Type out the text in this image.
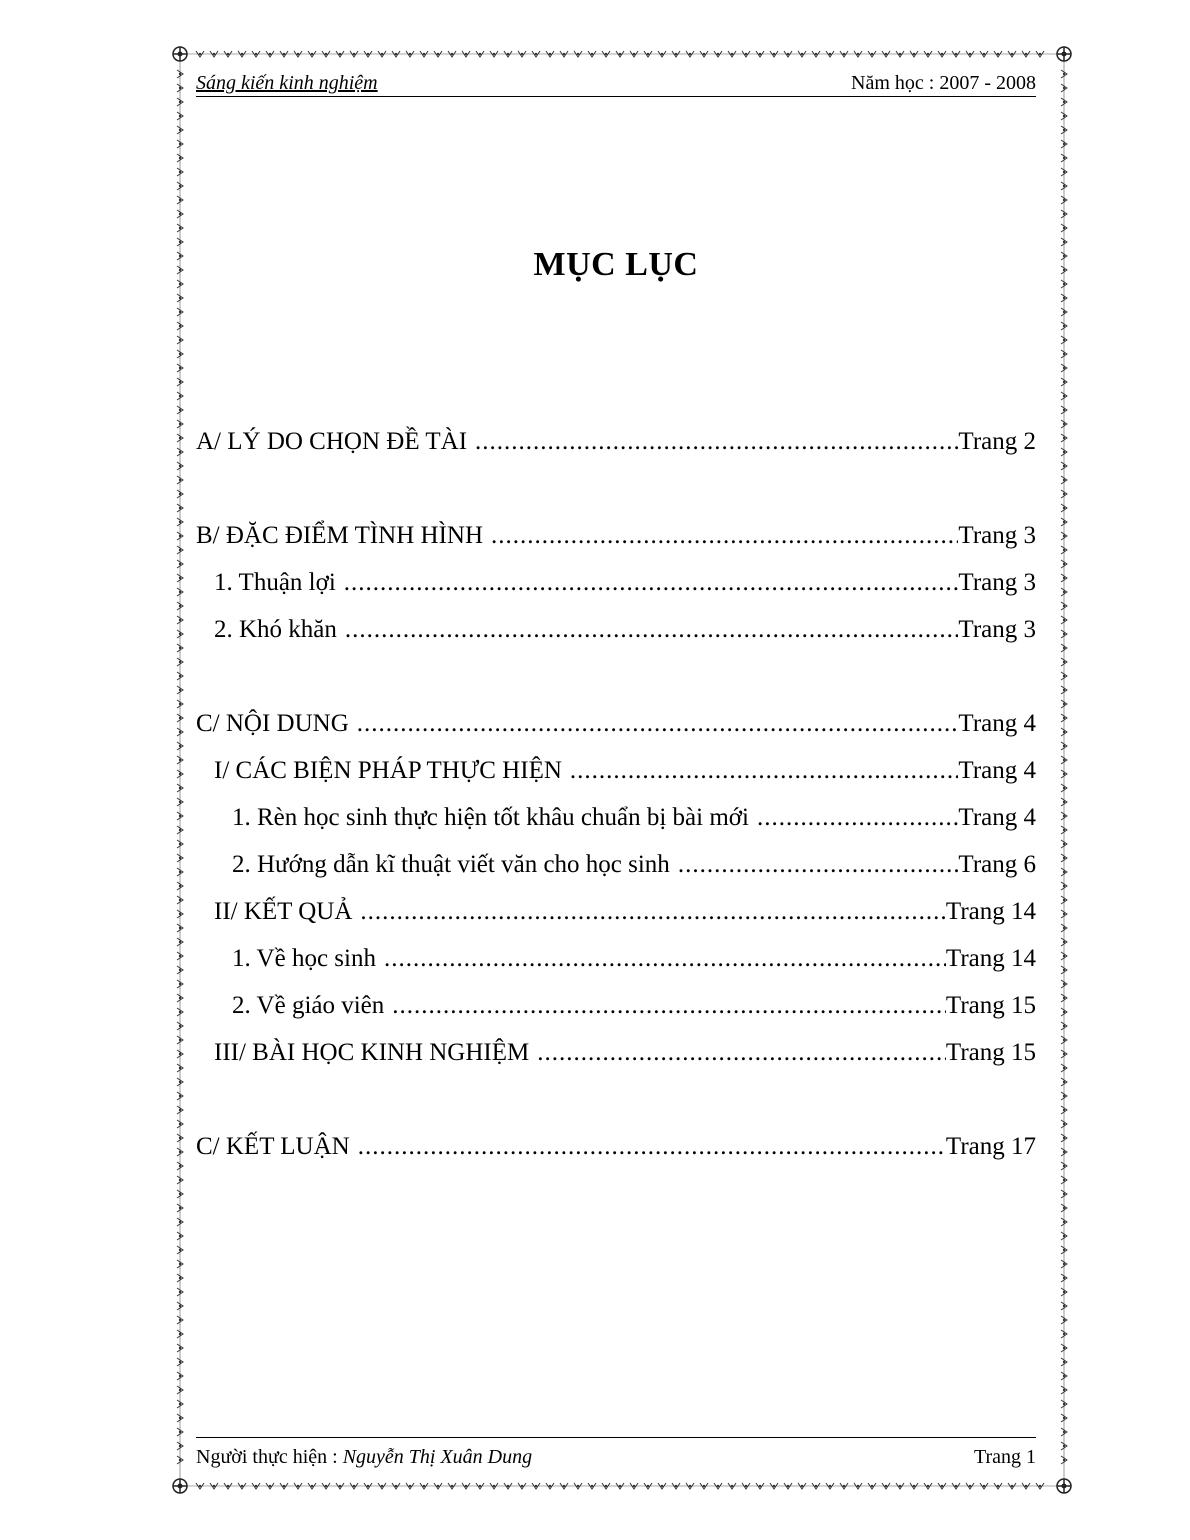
Sáng kiến kinh nghiệm	Năm học : 2007 - 2008
MỤC LỤC
A/ LÝ DO CHỌN ĐỀ TÀI .....	Trang 2
B/ ĐẶC ĐIỂM TÌNH HÌNH .....	Trang 3
1. Thuận lợi .....	Trang 3
2. Khó khăn .....	Trang 3
C/ NỘI DUNG .....	Trang 4
I/ CÁC BIỆN PHÁP THỰC HIỆN .....	Trang 4
1. Rèn học sinh thực hiện tốt khâu chuẩn bị bài mới .....	Trang 4
2. Hướng dẫn kĩ thuật viết văn cho học sinh .....	Trang 6
II/ KẾT QUẢ .....	Trang 14
1. Về học sinh .....	Trang 14
2. Về giáo viên .....	Trang 15
III/ BÀI HỌC KINH NGHIỆM .....	Trang 15
C/ KẾT LUẬN .....	Trang 17
Người thực hiện : Nguyễn Thị Xuân Dung	Trang 1
